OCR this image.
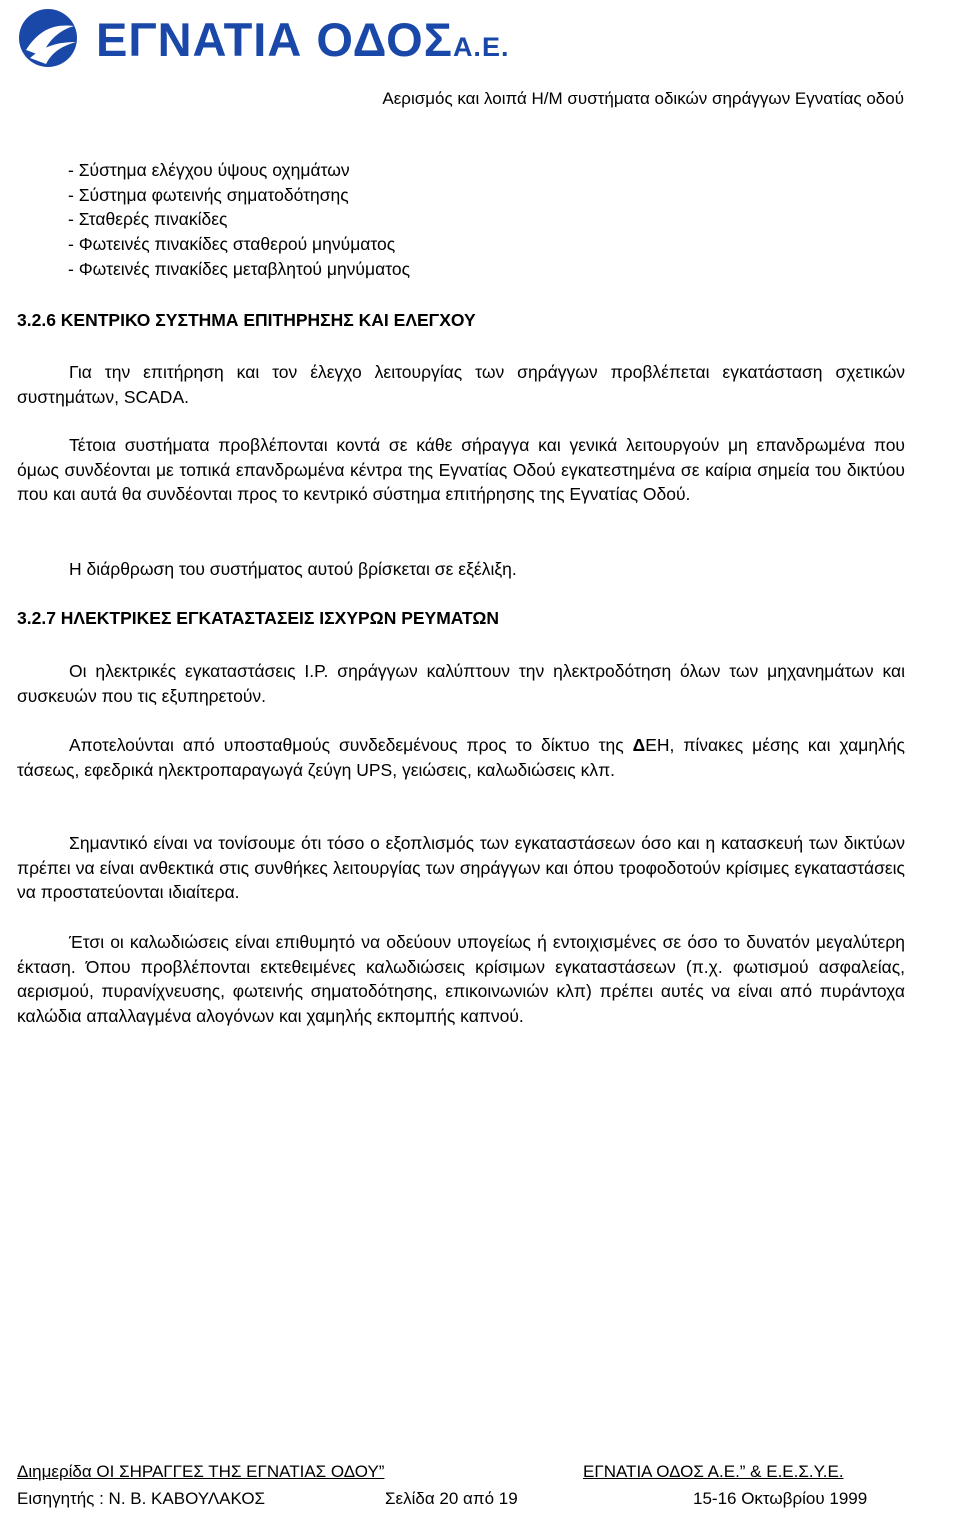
ΕΓΝΑΤΙΑ ΟΔΟΣΑ.Ε.
Αερισμός και λοιπά Η/Μ συστήματα οδικών σηράγγων Εγνατίας οδού
- Σύστημα ελέγχου ύψους οχημάτων
- Σύστημα φωτεινής σηματοδότησης
- Σταθερές πινακίδες
- Φωτεινές πινακίδες σταθερού μηνύματος
- Φωτεινές πινακίδες μεταβλητού μηνύματος
3.2.6 ΚΕΝΤΡΙΚΟ ΣΥΣΤΗΜΑ ΕΠΙΤΗΡΗΣΗΣ ΚΑΙ ΕΛΕΓΧΟΥ
Για την επιτήρηση και τον έλεγχο λειτουργίας των σηράγγων προβλέπεται εγκατάσταση σχετικών συστημάτων, SCADA.
Τέτοια συστήματα προβλέπονται κοντά σε κάθε σήραγγα και γενικά λειτουργούν μη επανδρωμένα που όμως συνδέονται με τοπικά επανδρωμένα κέντρα της Εγνατίας Οδού εγκατεστημένα σε καίρια σημεία του δικτύου που και αυτά θα συνδέονται προς το κεντρικό σύστημα επιτήρησης της Εγνατίας Οδού.
Η διάρθρωση του συστήματος αυτού βρίσκεται σε εξέλιξη.
3.2.7 ΗΛΕΚΤΡΙΚΕΣ ΕΓΚΑΤΑΣΤΑΣΕΙΣ ΙΣΧΥΡΩΝ ΡΕΥΜΑΤΩΝ
Οι ηλεκτρικές εγκαταστάσεις Ι.Ρ. σηράγγων καλύπτουν την ηλεκτροδότηση όλων των μηχανημάτων και συσκευών που τις εξυπηρετούν.
Αποτελούνται από υποσταθμούς συνδεδεμένους προς το δίκτυο της ΔΕΗ, πίνακες μέσης και χαμηλής τάσεως, εφεδρικά ηλεκτροπαραγωγά ζεύγη UPS, γειώσεις, καλωδιώσεις κλπ.
Σημαντικό είναι να τονίσουμε ότι τόσο ο εξοπλισμός των εγκαταστάσεων όσο και η κατασκευή των δικτύων πρέπει να είναι ανθεκτικά στις συνθήκες λειτουργίας των σηράγγων και όπου τροφοδοτούν κρίσιμες εγκαταστάσεις να προστατεύονται ιδιαίτερα.
Έτσι οι καλωδιώσεις είναι επιθυμητό να οδεύουν υπογείως ή εντοιχισμένες σε όσο το δυνατόν μεγαλύτερη έκταση. Όπου προβλέπονται εκτεθειμένες καλωδιώσεις κρίσιμων εγκαταστάσεων (π.χ. φωτισμού ασφαλείας, αερισμού, πυρανίχνευσης, φωτεινής σηματοδότησης, επικοινωνιών κλπ) πρέπει αυτές να είναι από πυράντοχα καλώδια απαλλαγμένα αλογόνων και χαμηλής εκπομπής καπνού.
Διημερίδα ΟΙ ΣΗΡΑΓΓΕΣ ΤΗΣ ΕΓΝΑΤΙΑΣ ΟΔΟΥ”	ΕΓΝΑΤΙΑ ΟΔΟΣ Α.Ε.” & Ε.Ε.Σ.Υ.Ε.
Εισηγητής : Ν. Β. ΚΑΒΟΥΛΑΚΟΣ	Σελίδα 20 από 19	15-16 Οκτωβρίου 1999
